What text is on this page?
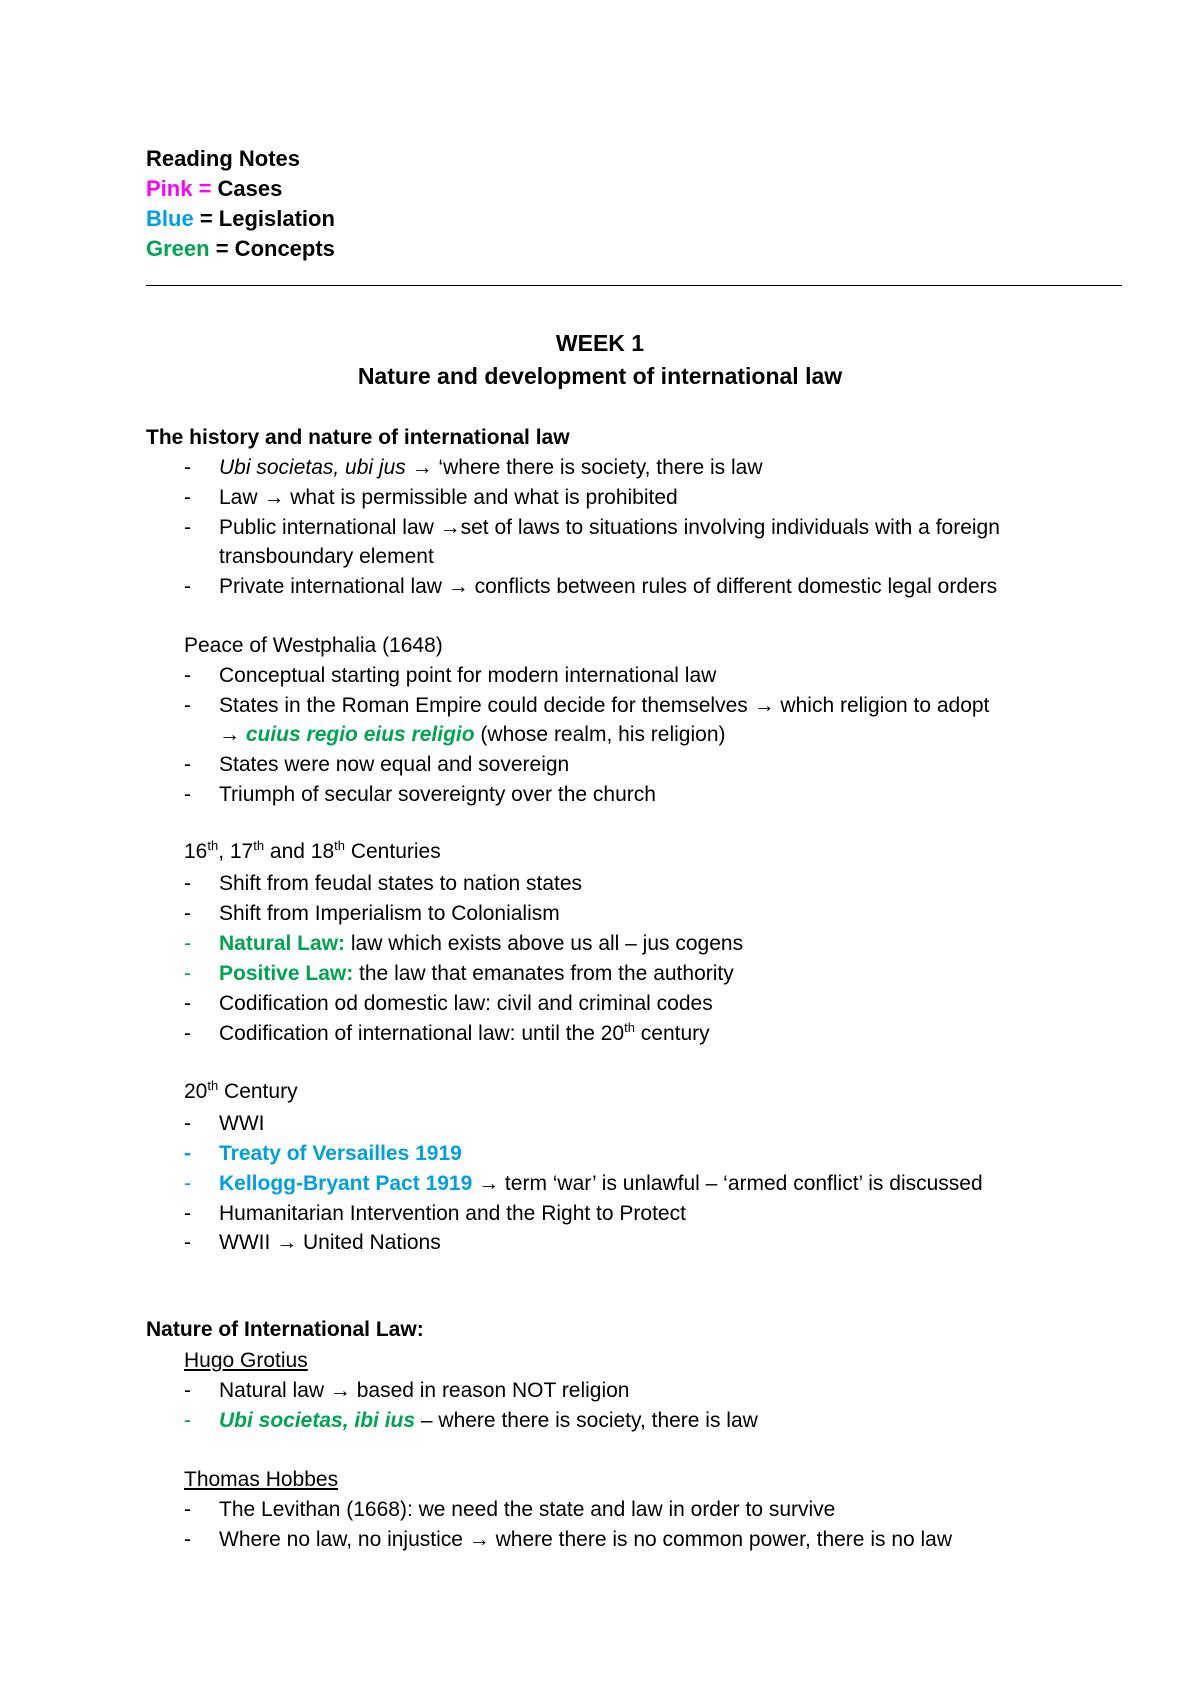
Reading Notes
Pink = Cases
Blue = Legislation
Green = Concepts
WEEK 1
Nature and development of international law
The history and nature of international law
- Ubi societas, ubi jus → ‘where there is society, there is law
- Law → what is permissible and what is prohibited
- Public international law →set of laws to situations involving individuals with a foreign
transboundary element
- Private international law → conflicts between rules of different domestic legal orders
Peace of Westphalia (1648)
- Conceptual starting point for modern international law
- States in the Roman Empire could decide for themselves → which religion to adopt
→ cuius regio eius religio (whose realm, his religion)
- States were now equal and sovereign
- Triumph of secular sovereignty over the church
16th, 17th and 18th Centuries
- Shift from feudal states to nation states
- Shift from Imperialism to Colonialism
- Natural Law: law which exists above us all – jus cogens
- Positive Law: the law that emanates from the authority
- Codification od domestic law: civil and criminal codes
- Codification of international law: until the 20th century
20th Century
- WWI
- Treaty of Versailles 1919
- Kellogg-Bryant Pact 1919 → term ‘war’ is unlawful – ‘armed conflict’ is discussed
- Humanitarian Intervention and the Right to Protect
- WWII → United Nations
Nature of International Law:
Hugo Grotius
- Natural law → based in reason NOT religion
- Ubi societas, ibi ius – where there is society, there is law
Thomas Hobbes
- The Levithan (1668): we need the state and law in order to survive
- Where no law, no injustice → where there is no common power, there is no law
